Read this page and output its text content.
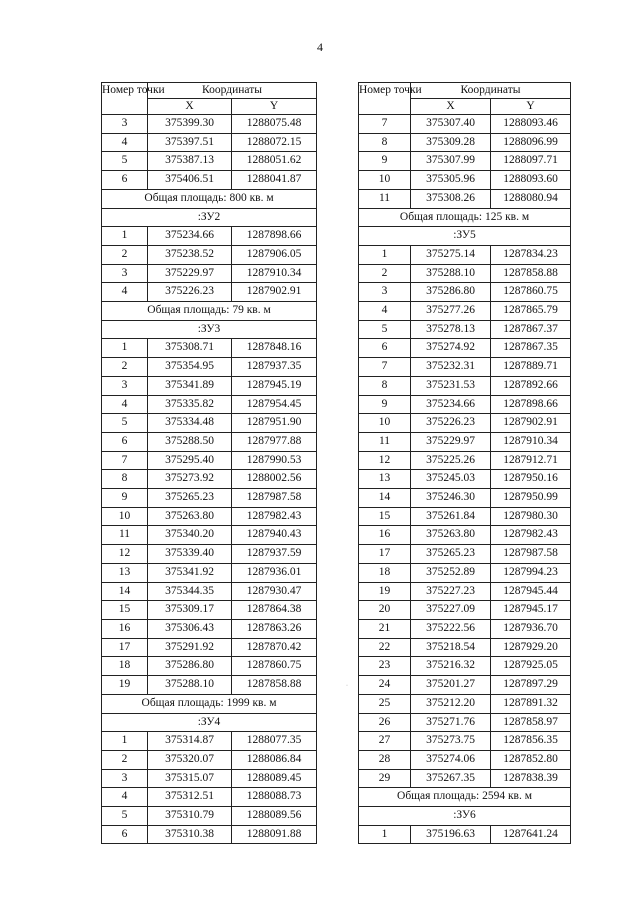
4
Номер точки	Координаты	
	X	Y
3	375399.30	1288075.48
4	375397.51	1288072.15
5	375387.13	1288051.62
6	375406.51	1288041.87
Общая площадь: 800 кв. м		
:ЗУ2		
1	375234.66	1287898.66
2	375238.52	1287906.05
3	375229.97	1287910.34
4	375226.23	1287902.91
Общая площадь: 79 кв. м		
:ЗУ3		
1	375308.71	1287848.16
2	375354.95	1287937.35
3	375341.89	1287945.19
4	375335.82	1287954.45
5	375334.48	1287951.90
6	375288.50	1287977.88
7	375295.40	1287990.53
8	375273.92	1288002.56
9	375265.23	1287987.58
10	375263.80	1287982.43
11	375340.20	1287940.43
12	375339.40	1287937.59
13	375341.92	1287936.01
14	375344.35	1287930.47
15	375309.17	1287864.38
16	375306.43	1287863.26
17	375291.92	1287870.42
18	375286.80	1287860.75
19	375288.10	1287858.88
Общая площадь: 1999 кв. м		
:ЗУ4		
1	375314.87	1288077.35
2	375320.07	1288086.84
3	375315.07	1288089.45
4	375312.51	1288088.73
5	375310.79	1288089.56
6	375310.38	1288091.88
Номер точки	Координаты	
	X	Y
7	375307.40	1288093.46
8	375309.28	1288096.99
9	375307.99	1288097.71
10	375305.96	1288093.60
11	375308.26	1288080.94
Общая площадь: 125 кв. м		
:ЗУ5		
1	375275.14	1287834.23
2	375288.10	1287858.88
3	375286.80	1287860.75
4	375277.26	1287865.79
5	375278.13	1287867.37
6	375274.92	1287867.35
7	375232.31	1287889.71
8	375231.53	1287892.66
9	375234.66	1287898.66
10	375226.23	1287902.91
11	375229.97	1287910.34
12	375225.26	1287912.71
13	375245.03	1287950.16
14	375246.30	1287950.99
15	375261.84	1287980.30
16	375263.80	1287982.43
17	375265.23	1287987.58
18	375252.89	1287994.23
19	375227.23	1287945.44
20	375227.09	1287945.17
21	375222.56	1287936.70
22	375218.54	1287929.20
23	375216.32	1287925.05
24	375201.27	1287897.29
25	375212.20	1287891.32
26	375271.76	1287858.97
27	375273.75	1287856.35
28	375274.06	1287852.80
29	375267.35	1287838.39
Общая площадь: 2594 кв. м		
:ЗУ6		
1	375196.63	1287641.24
·
